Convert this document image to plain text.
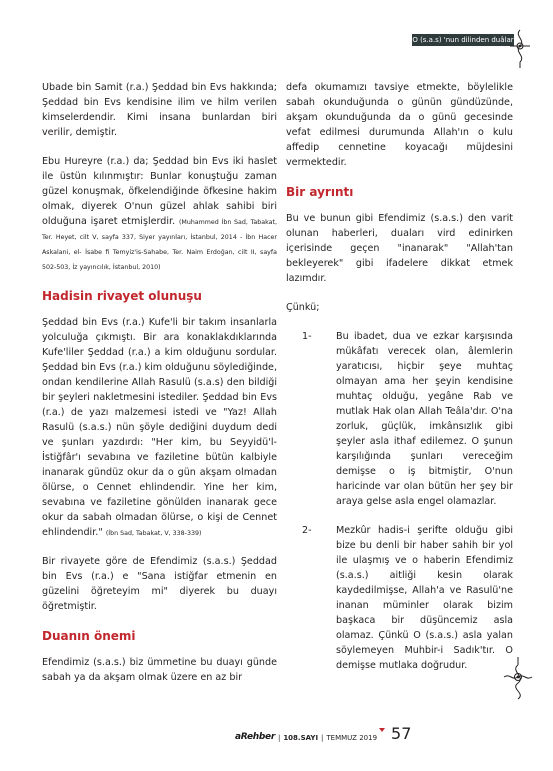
O (s.a.s) 'nun dilinden duâlar

Ubade bin Samit (r.a.) Şeddad bin Evs hakkında; Şeddad bin Evs kendisine ilim ve hilm verilen kimselerdendir. Kimi insana bunlardan biri verilir, demiştir.

Ebu Hureyre (r.a.) da; Şeddad bin Evs iki haslet ile üstün kılınmıştır: Bunlar konuştuğu zaman güzel konuşmak, öfkelendiğinde öfkesine hakim olmak, diyerek O'nun güzel ahlak sahibi biri olduğuna işaret etmişlerdir. (Muhammed İbn Sad, Tabakat, Ter. Heyet, cilt V, sayfa 337, Siyer yayınları, İstanbul, 2014 - İbn Hacer Askalani, el- İsabe fi Temyiz'is-Sahabe, Ter. Naim Erdoğan, cilt II, sayfa 502-503, İz yayıncılık, İstanbul, 2010)

Hadisin rivayet olunuşu

Şeddad bin Evs (r.a.) Kufe'li bir takım insanlarla yolculuğa çıkmıştı. Bir ara konaklakdıklarında Kufe'liler Şeddad (r.a.) a kim olduğunu sordular. Şeddad bin Evs (r.a.) kim olduğunu söylediğinde, ondan kendilerine Allah Rasulü (s.a.s) den bildiği bir şeyleri nakletmesini istediler. Şeddad bin Evs (r.a.) de yazı malzemesi istedi ve "Yaz! Allah Rasulü (s.a.s.) nün şöyle dediğini duydum dedi ve şunları yazdırdı: "Her kim, bu Seyyidü'l-İstiğfâr'ı sevabına ve faziletine bütün kalbiyle inanarak gündüz okur da o gün akşam olmadan ölürse, o Cennet ehlindendir. Yine her kim, sevabına ve faziletine gönülden inanarak gece okur da sabah olmadan ölürse, o kişi de Cennet ehlindendir." (İbn Sad, Tabakat, V, 338-339)

Bir rivayete göre de Efendimiz (s.a.s.) Şeddad bin Evs (r.a.) e "Sana istiğfar etmenin en güzelini öğreteyim mi" diyerek bu duayı öğretmiştir.

Duanın önemi

Efendimiz (s.a.s.) biz ümmetine bu duayı günde sabah ya da akşam olmak üzere en az bir

defa okumamızı tavsiye etmekte, böylelikle sabah okunduğunda o günün gündüzünde, akşam okunduğunda da o günü gecesinde vefat edilmesi durumunda Allah'ın o kulu affedip cennetine koyacağı müjdesini vermektedir.

Bir ayrıntı

Bu ve bunun gibi Efendimiz (s.a.s.) den varit olunan haberleri, duaları vird edinirken içerisinde geçen "inanarak" "Allah'tan bekleyerek" gibi ifadelere dikkat etmek lazımdır.

Çünkü;

1-	Bu ibadet, dua ve ezkar karşısında mükâfatı verecek olan, âlemlerin yaratıcısı, hiçbir şeye muhtaç olmayan ama her şeyin kendisine muhtaç olduğu, yegâne Rab ve mutlak Hak olan Allah Teâla'dır. O'na zorluk, güçlük, imkânsızlık gibi şeyler asla ithaf edilemez. O şunun karşılığında şunları vereceğim demişse o iş bitmiştir, O'nun haricinde var olan bütün her şey bir araya gelse asla engel olamazlar.
2-	Mezkûr hadis-i şerifte olduğu gibi bize bu denli bir haber sahih bir yol ile ulaşmış ve o haberin Efendimiz (s.a.s.) aitliği kesin olarak kaydedilmişse, Allah'a ve Rasulü'ne inanan müminler olarak bizim başkaca bir düşüncemiz asla olamaz. Çünkü O (s.a.s.) asla yalan söylemeyen Muhbir-i Sadık'tır. O demişse mutlaka doğrudur.
aRehber | 108.SAYI | TEMMUZ 2019 57
